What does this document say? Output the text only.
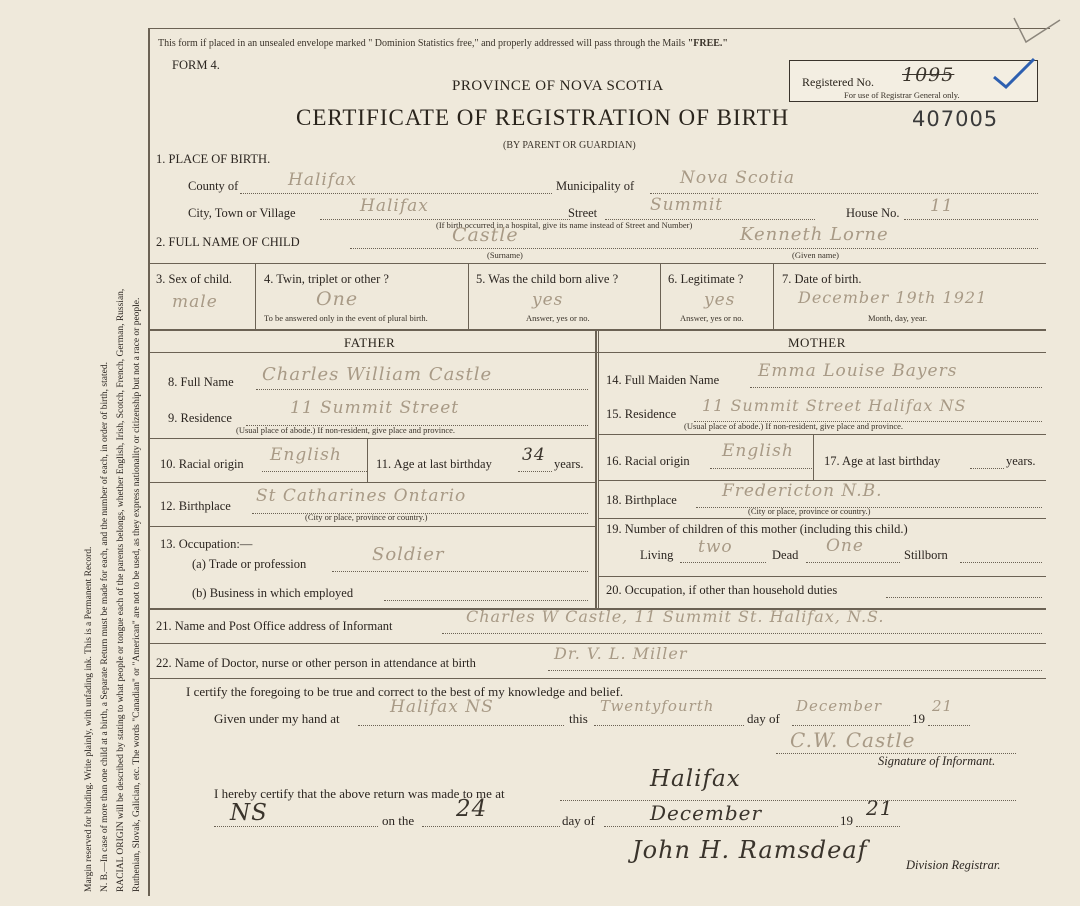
Margin reserved for binding. Write plainly, with unfading ink. This is a Permanent Record. N. B.—In case of more than one child at a birth, a Separate Return must be made for each, and the number of each, in order of birth, stated. RACIAL ORIGIN will be described by stating to what people or tongue each of the parents belongs, whether English, Irish, Scotch, French, German, Russian, Ruthenian, Slovak, Galician, etc. The words "Canadian" or "American" are not to be used, as they express nationality or citizenship but not a race or people.
This form if placed in an unsealed envelope marked " Dominion Statistics free," and properly addressed will pass through the Mails "FREE."
FORM 4.
PROVINCE OF NOVA SCOTIA
CERTIFICATE OF REGISTRATION OF BIRTH
(BY PARENT OR GUARDIAN)
Registered No. 1095
For use of Registrar General only.
407005
1. PLACE OF BIRTH.
County of	Halifax	Municipality of	Nova Scotia
City, Town or Village	Halifax	Street	Summit	House No. 11
(If birth occurred in a hospital, give its name instead of Street and Number)
2. FULL NAME OF CHILD	Castle	Kenneth Lorne
(Surname)	(Given name)
3. Sex of child.
male
4. Twin, triplet or other ?
One
To be answered only in the event of plural birth.
5. Was the child born alive ?
yes
Answer, yes or no.
6. Legitimate ?
yes
Answer, yes or no.
7. Date of birth.
December 19th 1921
Month, day, year.
FATHER	MOTHER
8. Full Name Charles William Castle
9. Residence	11 Summit Street
(Usual place of abode.) If non-resident, give place and province.
10. Racial origin English	11. Age at last birthday 34 years.
12. Birthplace St Catharines Ontario
(City or place, province or country.)
13. Occupation:—
(a) Trade or profession	Soldier
(b) Business in which employed
14. Full Maiden Name Emma Louise Bayers
15. Residence 11 Summit Street Halifax NS
(Usual place of abode.) If non-resident, give place and province.
16. Racial origin English 17. Age at last birthday	years.
18. Birthplace	Fredericton N.B.
(City or place, province or country.)
19. Number of children of this mother (including this child.)
Living two	Dead One	Stillborn
20. Occupation, if other than household duties
21. Name and Post Office address of Informant	Charles W Castle, 11 Summit St. Halifax, N.S.
22. Name of Doctor, nurse or other person in attendance at birth	Dr. V. L. Miller
I certify the foregoing to be true and correct to the best of my knowledge and belief.
Given under my hand at
Halifax NS
this
Twentyfourth
day of
December
19
21
C.W. Castle
Signature of Informant.
I hereby certify that the above return was made to me at
Halifax
NS	on the 24	day of	December	19
21
John H. Ramsdeaf
Division Registrar.
